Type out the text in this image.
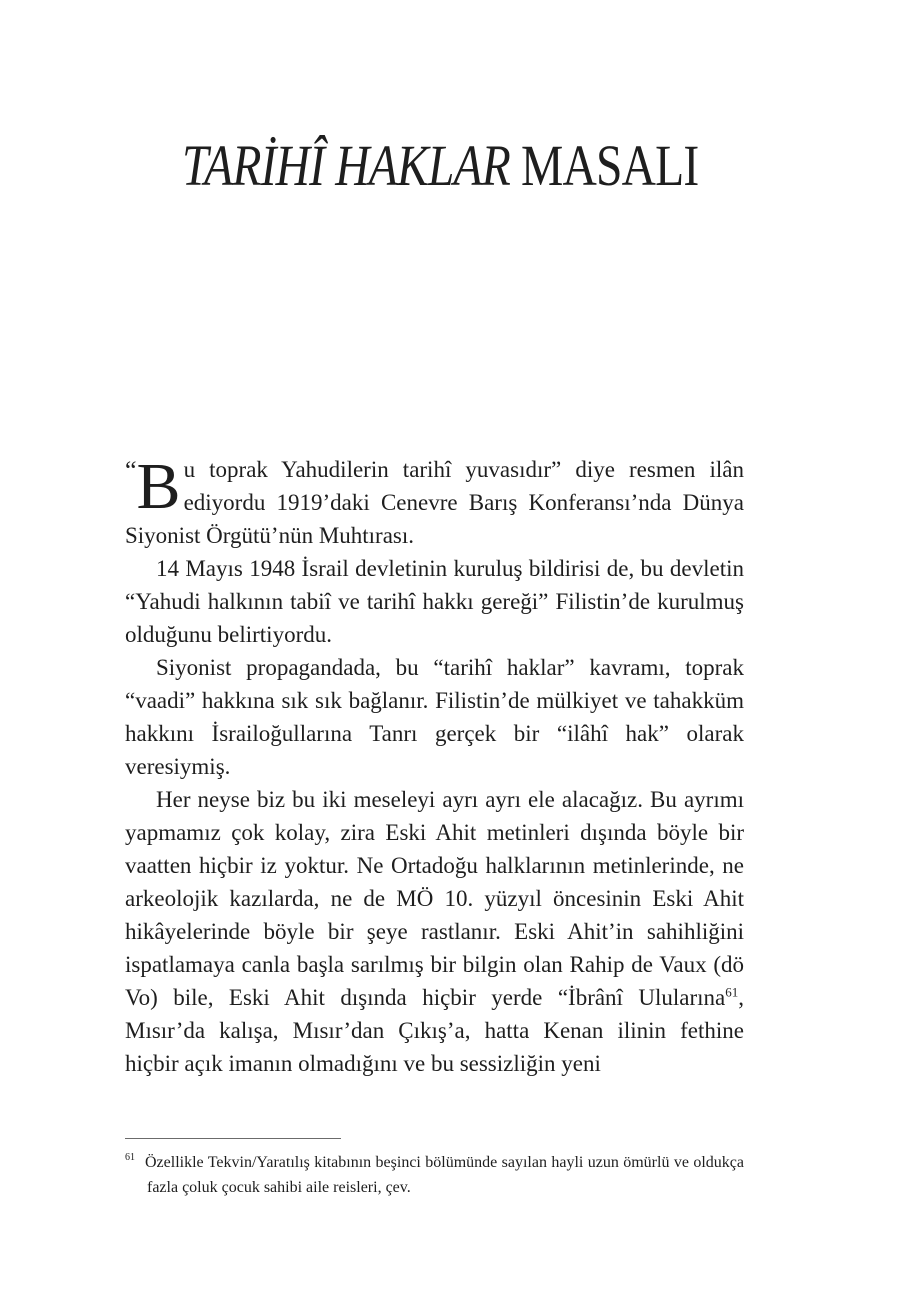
TARİHÎ HAKLAR MASALI

“B u toprak Yahudilerin tarihî yuvasıdır” diye resmen ilân ediyordu 1919’daki Cenevre Barış Konferansı’nda Dünya Siyonist Örgütü’nün Muhtırası.

14 Mayıs 1948 İsrail devletinin kuruluş bildirisi de, bu devletin “Yahudi halkının tabiî ve tarihî hakkı gereği” Filistin’de kurulmuş olduğunu belirtiyordu.

Siyonist propagandada, bu “tarihî haklar” kavramı, toprak “vaadi” hakkına sık sık bağlanır. Filistin’de mülkiyet ve tahakküm hakkını İsrailoğullarına Tanrı gerçek bir “ilâhî hak” olarak veresiymiş.

Her neyse biz bu iki meseleyi ayrı ayrı ele alacağız. Bu ayrımı yapmamız çok kolay, zira Eski Ahit metinleri dışında böyle bir vaatten hiçbir iz yoktur. Ne Ortadoğu halklarının metinlerinde, ne arkeolojik kazılarda, ne de MÖ 10. yüzyıl öncesinin Eski Ahit hikâyelerinde böyle bir şeye rastlanır. Eski Ahit’in sahihliğini ispatlamaya canla başla sarılmış bir bilgin olan Rahip de Vaux (dö Vo) bile, Eski Ahit dışında hiçbir yerde “İbrânî Ulularına$^{61}$, Mısır’da kalışa, Mısır’dan Çıkış’a, hatta Kenan ilinin fethine hiçbir açık imanın olmadığını ve bu sessizliğin yeni

61 Özellikle Tekvin/Yaratılış kitabının beşinci bölümünde sayılan hayli uzun ömürlü ve oldukça fazla çoluk çocuk sahibi aile reisleri, çev.
